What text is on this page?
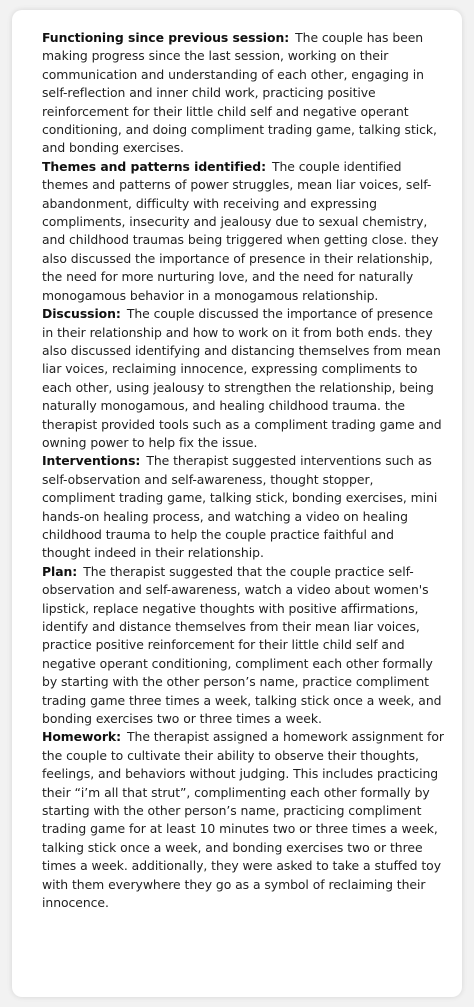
Functioning since previous session: The couple has been making progress since the last session, working on their communication and understanding of each other, engaging in self-reflection and inner child work, practicing positive reinforcement for their little child self and negative operant conditioning, and doing compliment trading game, talking stick, and bonding exercises.

Themes and patterns identified: The couple identified themes and patterns of power struggles, mean liar voices, self-abandonment, difficulty with receiving and expressing compliments, insecurity and jealousy due to sexual chemistry, and childhood traumas being triggered when getting close. they also discussed the importance of presence in their relationship, the need for more nurturing love, and the need for naturally monogamous behavior in a monogamous relationship.

Discussion: The couple discussed the importance of presence in their relationship and how to work on it from both ends. they also discussed identifying and distancing themselves from mean liar voices, reclaiming innocence, expressing compliments to each other, using jealousy to strengthen the relationship, being naturally monogamous, and healing childhood trauma. the therapist provided tools such as a compliment trading game and owning power to help fix the issue.

Interventions: The therapist suggested interventions such as self-observation and self-awareness, thought stopper, compliment trading game, talking stick, bonding exercises, mini hands-on healing process, and watching a video on healing childhood trauma to help the couple practice faithful and thought indeed in their relationship.

Plan: The therapist suggested that the couple practice self-observation and self-awareness, watch a video about women's lipstick, replace negative thoughts with positive affirmations, identify and distance themselves from their mean liar voices, practice positive reinforcement for their little child self and negative operant conditioning, compliment each other formally by starting with the other person’s name, practice compliment trading game three times a week, talking stick once a week, and bonding exercises two or three times a week.

Homework: The therapist assigned a homework assignment for the couple to cultivate their ability to observe their thoughts, feelings, and behaviors without judging. This includes practicing their “i’m all that strut”, complimenting each other formally by starting with the other person’s name, practicing compliment trading game for at least 10 minutes two or three times a week, talking stick once a week, and bonding exercises two or three times a week. additionally, they were asked to take a stuffed toy with them everywhere they go as a symbol of reclaiming their innocence.
